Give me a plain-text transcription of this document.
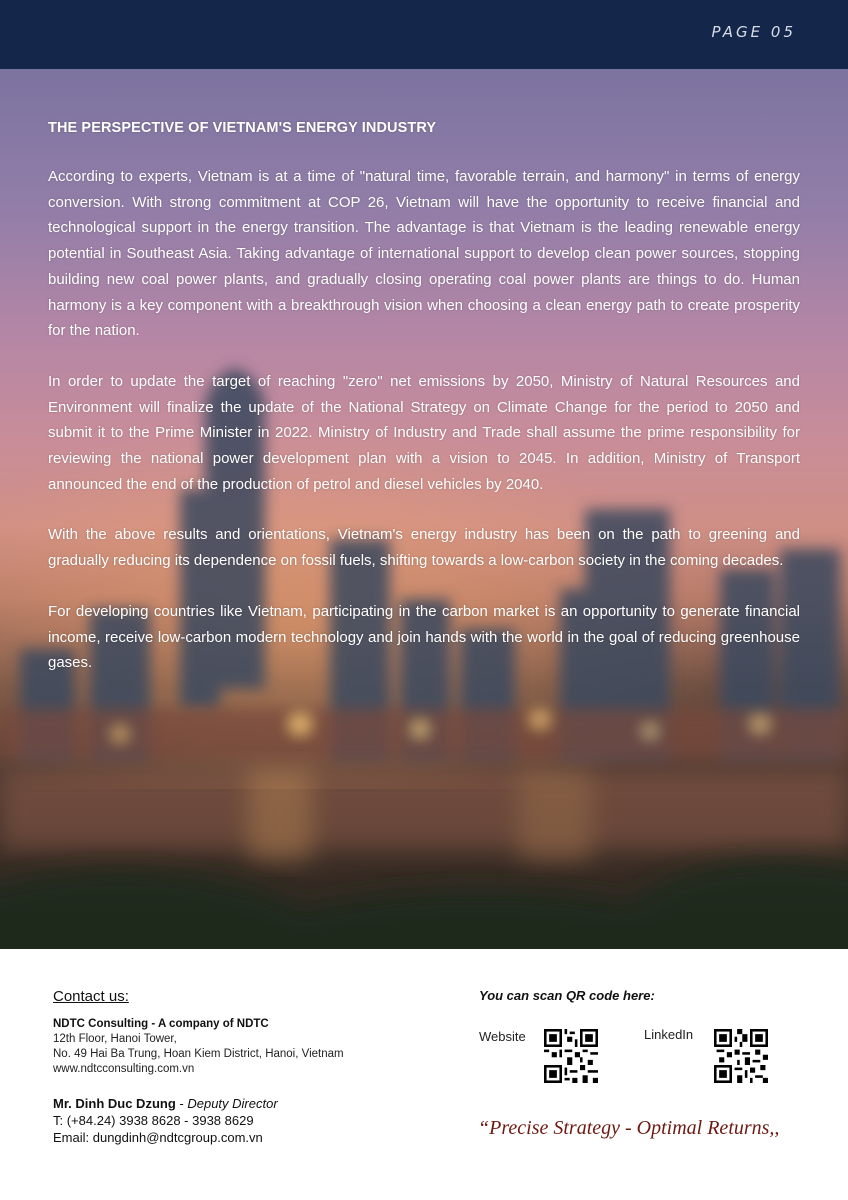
PAGE 05
THE PERSPECTIVE OF VIETNAM'S ENERGY INDUSTRY

According to experts, Vietnam is at a time of "natural time, favorable terrain, and harmony" in terms of energy conversion. With strong commitment at COP 26, Vietnam will have the opportunity to receive financial and technological support in the energy transition. The advantage is that Vietnam is the leading renewable energy potential in Southeast Asia. Taking advantage of international support to develop clean power sources, stopping building new coal power plants, and gradually closing operating coal power plants are things to do. Human harmony is a key component with a breakthrough vision when choosing a clean energy path to create prosperity for the nation.

In order to update the target of reaching "zero" net emissions by 2050, Ministry of Natural Resources and Environment will finalize the update of the National Strategy on Climate Change for the period to 2050 and submit it to the Prime Minister in 2022. Ministry of Industry and Trade shall assume the prime responsibility for reviewing the national power development plan with a vision to 2045. In addition, Ministry of Transport announced the end of the production of petrol and diesel vehicles by 2040.

With the above results and orientations, Vietnam's energy industry has been on the path to greening and gradually reducing its dependence on fossil fuels, shifting towards a low-carbon society in the coming decades.

For developing countries like Vietnam, participating in the carbon market is an opportunity to generate financial income, receive low-carbon modern technology and join hands with the world in the goal of reducing greenhouse gases.

Contact us:
NDTC Consulting - A company of NDTC
12th Floor, Hanoi Tower,
No. 49 Hai Ba Trung, Hoan Kiem District, Hanoi, Vietnam
www.ndtcconsulting.com.vn
Mr. Dinh Duc Dzung - Deputy Director
T: (+84.24) 3938 8628 - 3938 8629
Email: dungdinh@ndtcgroup.com.vn
You can scan QR code here:
Website	LinkedIn
“Precise Strategy - Optimal Returns,,
